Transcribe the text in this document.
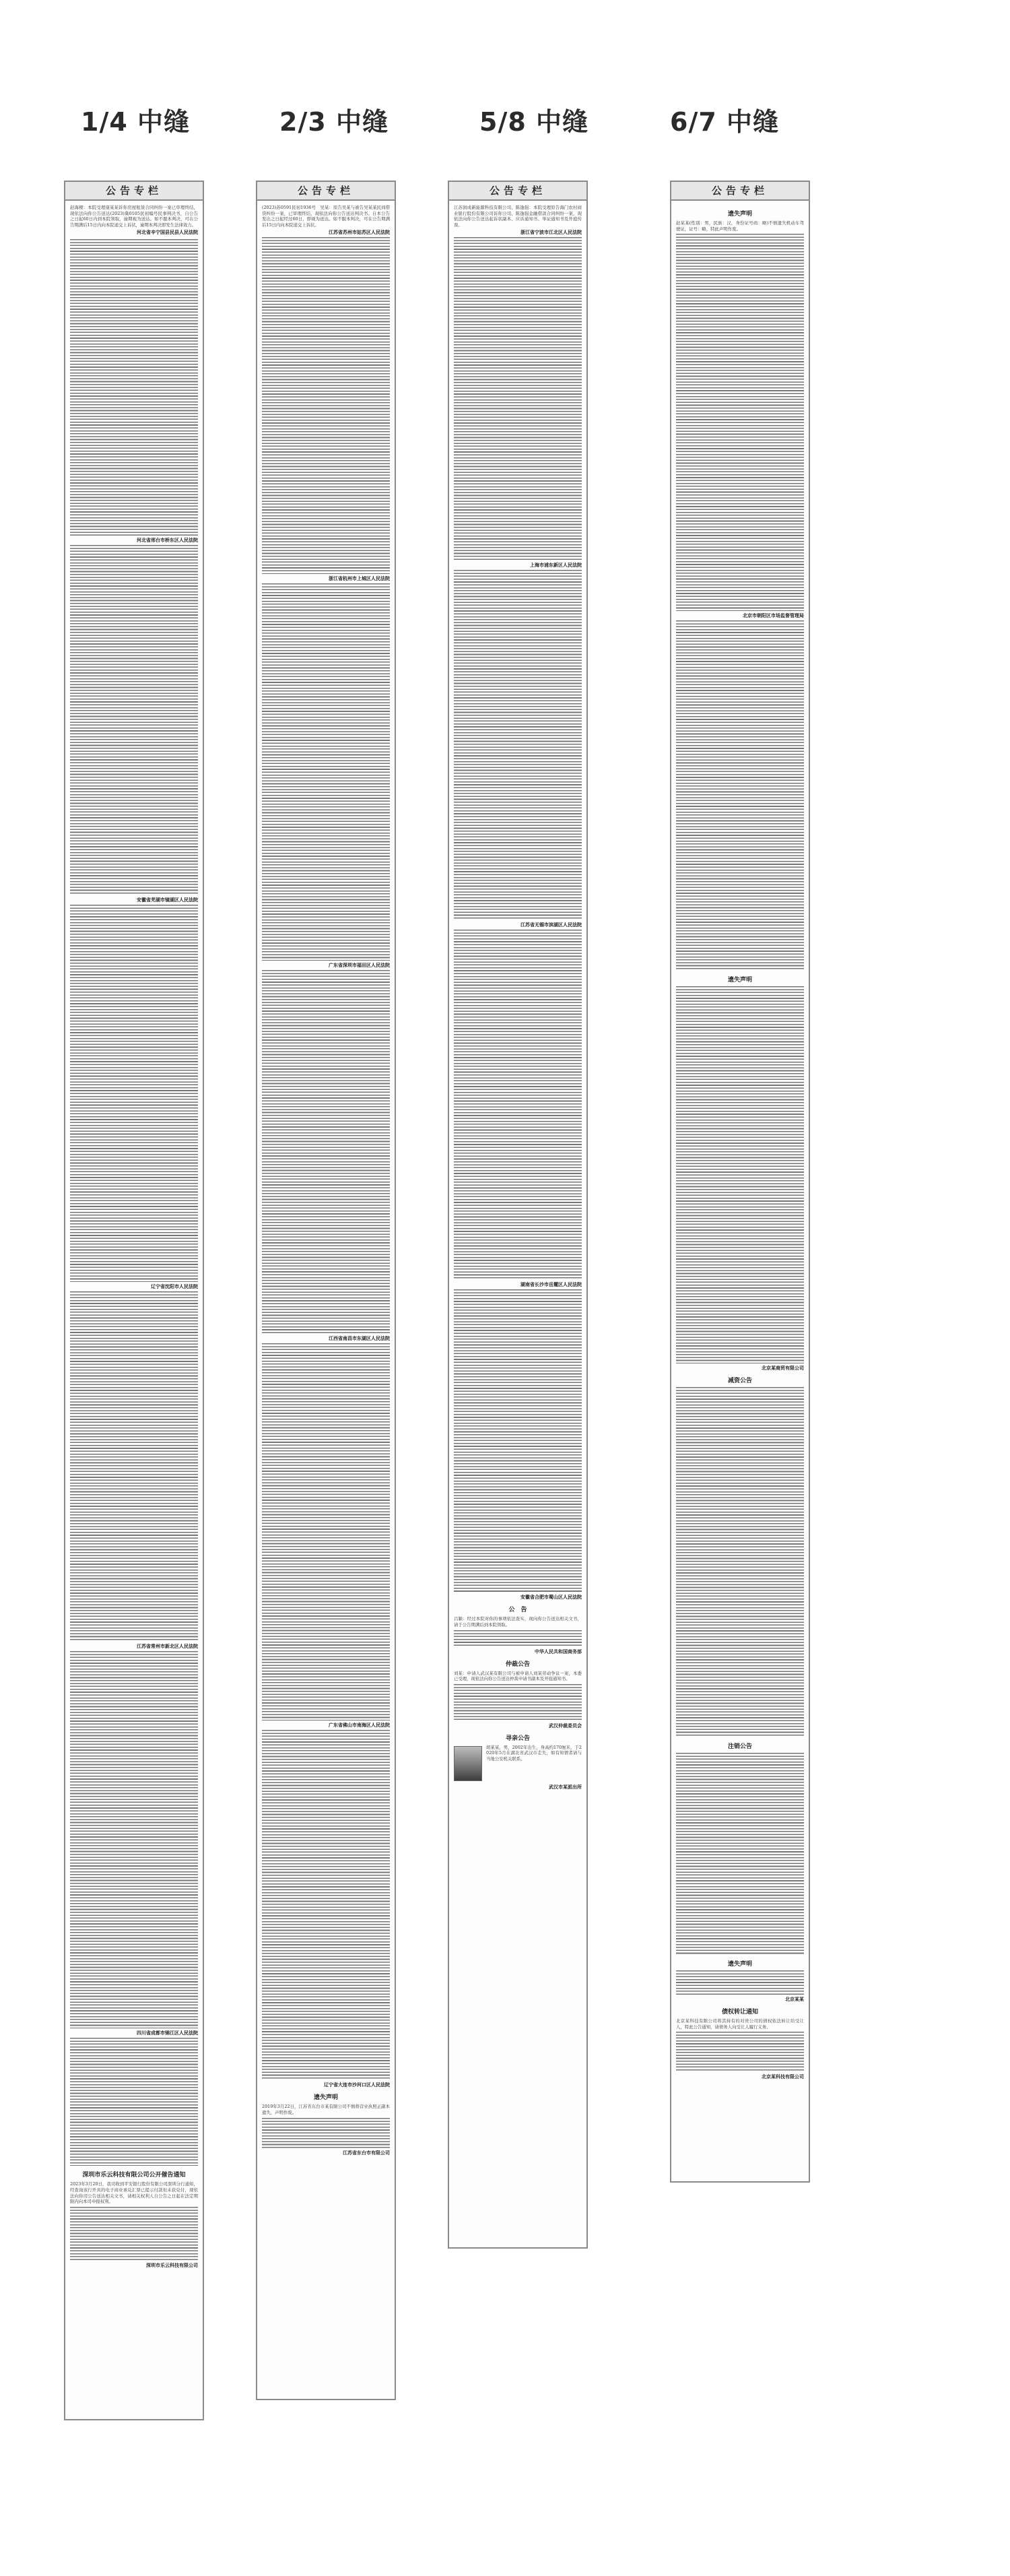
1/4 中缝	2/3 中缝	5/8 中缝	6/7 中缝
公告专栏
赵海樑：本院受理康某某诉你房屋租赁合同纠纷一案已审理终结，现依法向你公告送达(2023)冀0105民初编号民事判决书，自公告之日起60日内到本院领取，逾期视为送达。如不服本判决，可在公告期满后15日内向本院递交上诉状，逾期本判决即发生法律效力。
河北省辛宁国县民县人民法院
河北省邢台市桥东区人民法院
安徽省芜湖市镜湖区人民法院
辽宁省沈阳市人民法院
江苏省常州市新北区人民法院
四川省成都市锦江区人民法院
深圳市乐云科技有限公司公开催告通知
2023年3月20日，我司收到平安银行股份有限公司深圳分行通知，经查询该行开具的电子商业承兑汇票已提示付款但未获兑付，现依法向你司公告送达相关文书，请相关权利人自公告之日起在法定期限内向本司申报权利。
深圳市乐云科技有限公司
公告专栏
(2023)苏0591民初1936号　吴某：原告吴某与被告吴某某民间借贷纠纷一案，已审理终结，现依法向你公告送达判决书。自本公告发出之日起经过60日，即视为送达。如不服本判决，可在公告期满后15日内向本院递交上诉状。
江苏省苏州市姑苏区人民法院
浙江省杭州市上城区人民法院
广东省深圳市福田区人民法院
江西省南昌市东湖区人民法院
广东省佛山市南海区人民法院
辽宁省大连市沙河口区人民法院
遗失声明
2019年3月22日，江苏省东台市某有限公司不慎将营业执照正副本遗失，声明作废。
江苏省东台市有限公司
公告专栏
江苏润成新能源科技有限公司、陈逸强：本院受理原告海门农村商业银行股份有限公司诉你公司、陈逸强金融借款合同纠纷一案，现依法向你公告送达起诉状副本、应诉通知书、举证通知书及开庭传票。
浙江省宁波市江北区人民法院
上海市浦东新区人民法院
江苏省无锡市滨湖区人民法院
湖南省长沙市岳麓区人民法院
安徽省合肥市蜀山区人民法院
公　告
吕颖：经过本院对你的事项依法查实，现向你公告送达相关文书，请于公告期满后到本院领取。
中华人民共和国商务部
仲裁公告
刘某：申请人武汉某有限公司与被申请人刘某劳动争议一案，本委已受理，现依法向你公告送达仲裁申请书副本及开庭通知书。
武汉仲裁委员会
寻亲公告
胡某某，男，2002年出生，身高约170厘米，于2020年5月在湖北省武汉市走失，如有知情者请与当地公安机关联系。
武汉市某派出所
公告专栏
遗失声明
赵某某(性别：男，民族：汉，身份证号码：略)不慎遗失机动车驾驶证，证号：略，特此声明作废。
北京市朝阳区市场监督管理局
遗失声明
北京某商贸有限公司
减资公告
注销公告
遗失声明
北京某某
债权转让通知
北京某科技有限公司将其持有的对贵公司的债权依法转让给受让人，特此公告通知，请债务人向受让人履行义务。
北京某科技有限公司
